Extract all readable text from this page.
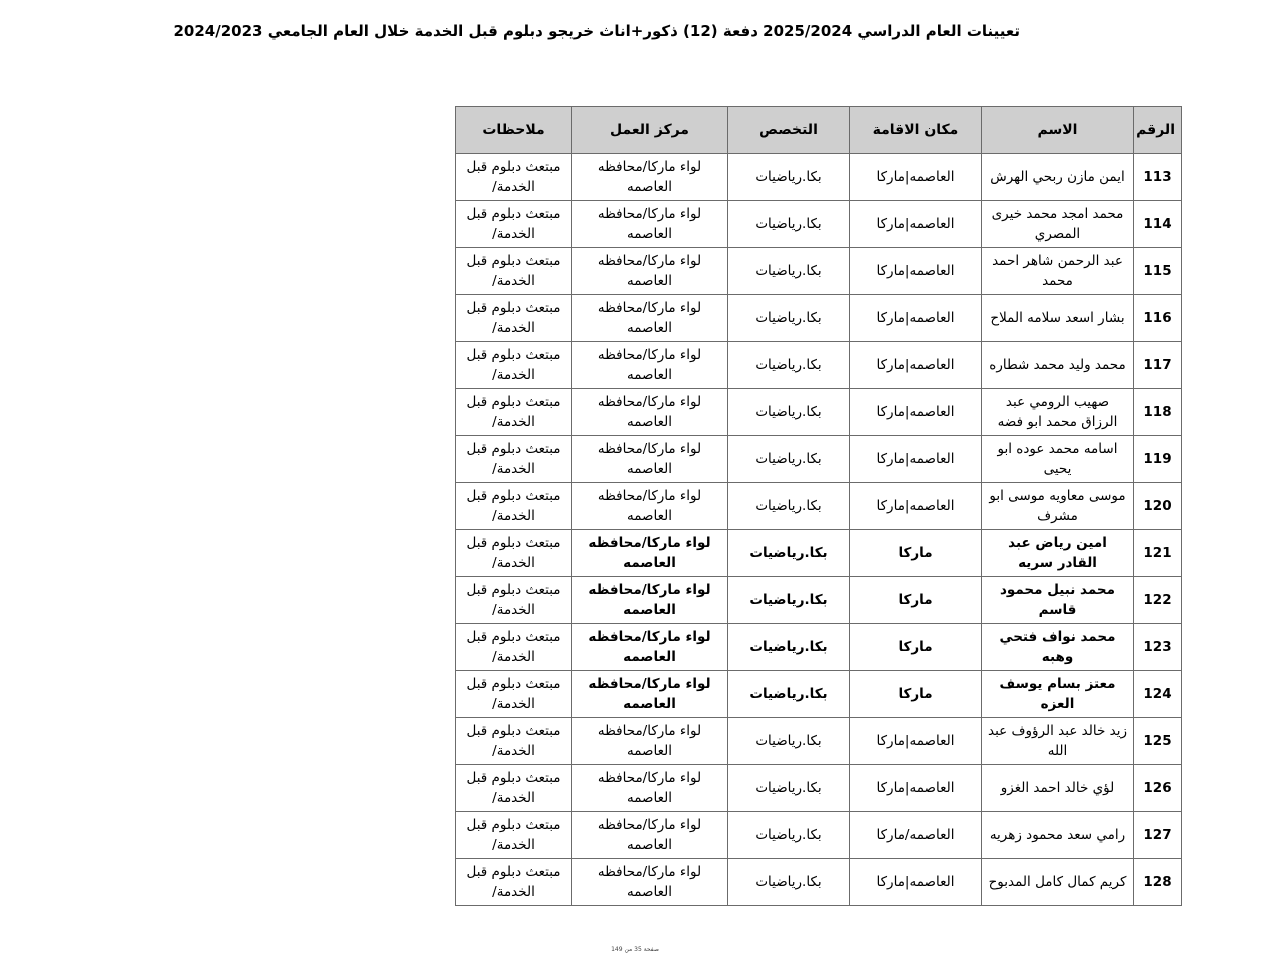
تعيينات العام الدراسي 2025/2024 دفعة (12) ذكور+اناث خريجو دبلوم قبل الخدمة خلال العام الجامعي 2024/2023
الرقم	الاسم	مكان الاقامة	التخصص	مركز العمل	ملاحظات
113	ايمن مازن ربحي الهرش	العاصمه|ماركا	بكا.رياضيات	لواء ماركا/محافظه العاصمه	مبتعث دبلوم قبل الخدمة/
114	محمد امجد محمد خيرى المصري	العاصمه|ماركا	بكا.رياضيات	لواء ماركا/محافظه العاصمه	مبتعث دبلوم قبل الخدمة/
115	عبد الرحمن شاهر احمد محمد	العاصمه|ماركا	بكا.رياضيات	لواء ماركا/محافظه العاصمه	مبتعث دبلوم قبل الخدمة/
116	بشار اسعد سلامه الملاح	العاصمه|ماركا	بكا.رياضيات	لواء ماركا/محافظه العاصمه	مبتعث دبلوم قبل الخدمة/
117	محمد وليد محمد شطاره	العاصمه|ماركا	بكا.رياضيات	لواء ماركا/محافظه العاصمه	مبتعث دبلوم قبل الخدمة/
118	صهيب الرومي عبد الرزاق محمد ابو فضه	العاصمه|ماركا	بكا.رياضيات	لواء ماركا/محافظه العاصمه	مبتعث دبلوم قبل الخدمة/
119	اسامه محمد عوده ابو يحيى	العاصمه|ماركا	بكا.رياضيات	لواء ماركا/محافظه العاصمه	مبتعث دبلوم قبل الخدمة/
120	موسى معاويه موسى ابو مشرف	العاصمه|ماركا	بكا.رياضيات	لواء ماركا/محافظه العاصمه	مبتعث دبلوم قبل الخدمة/
121	امين رياض عبد القادر سريه	ماركا	بكا.رياضيات	لواء ماركا/محافظه العاصمه	مبتعث دبلوم قبل الخدمة/
122	محمد نبيل محمود قاسم	ماركا	بكا.رياضيات	لواء ماركا/محافظه العاصمه	مبتعث دبلوم قبل الخدمة/
123	محمد نواف فتحي وهبه	ماركا	بكا.رياضيات	لواء ماركا/محافظه العاصمه	مبتعث دبلوم قبل الخدمة/
124	معتز بسام يوسف العزه	ماركا	بكا.رياضيات	لواء ماركا/محافظه العاصمه	مبتعث دبلوم قبل الخدمة/
125	زيد خالد عبد الرؤوف عبد الله	العاصمه|ماركا	بكا.رياضيات	لواء ماركا/محافظه العاصمه	مبتعث دبلوم قبل الخدمة/
126	لؤي خالد احمد الغزو	العاصمه|ماركا	بكا.رياضيات	لواء ماركا/محافظه العاصمه	مبتعث دبلوم قبل الخدمة/
127	رامي سعد محمود زهريه	العاصمه/ماركا	بكا.رياضيات	لواء ماركا/محافظه العاصمه	مبتعث دبلوم قبل الخدمة/
128	كريم كمال كامل المدبوح	العاصمه|ماركا	بكا.رياضيات	لواء ماركا/محافظه العاصمه	مبتعث دبلوم قبل الخدمة/
صفحة 35 من 149
